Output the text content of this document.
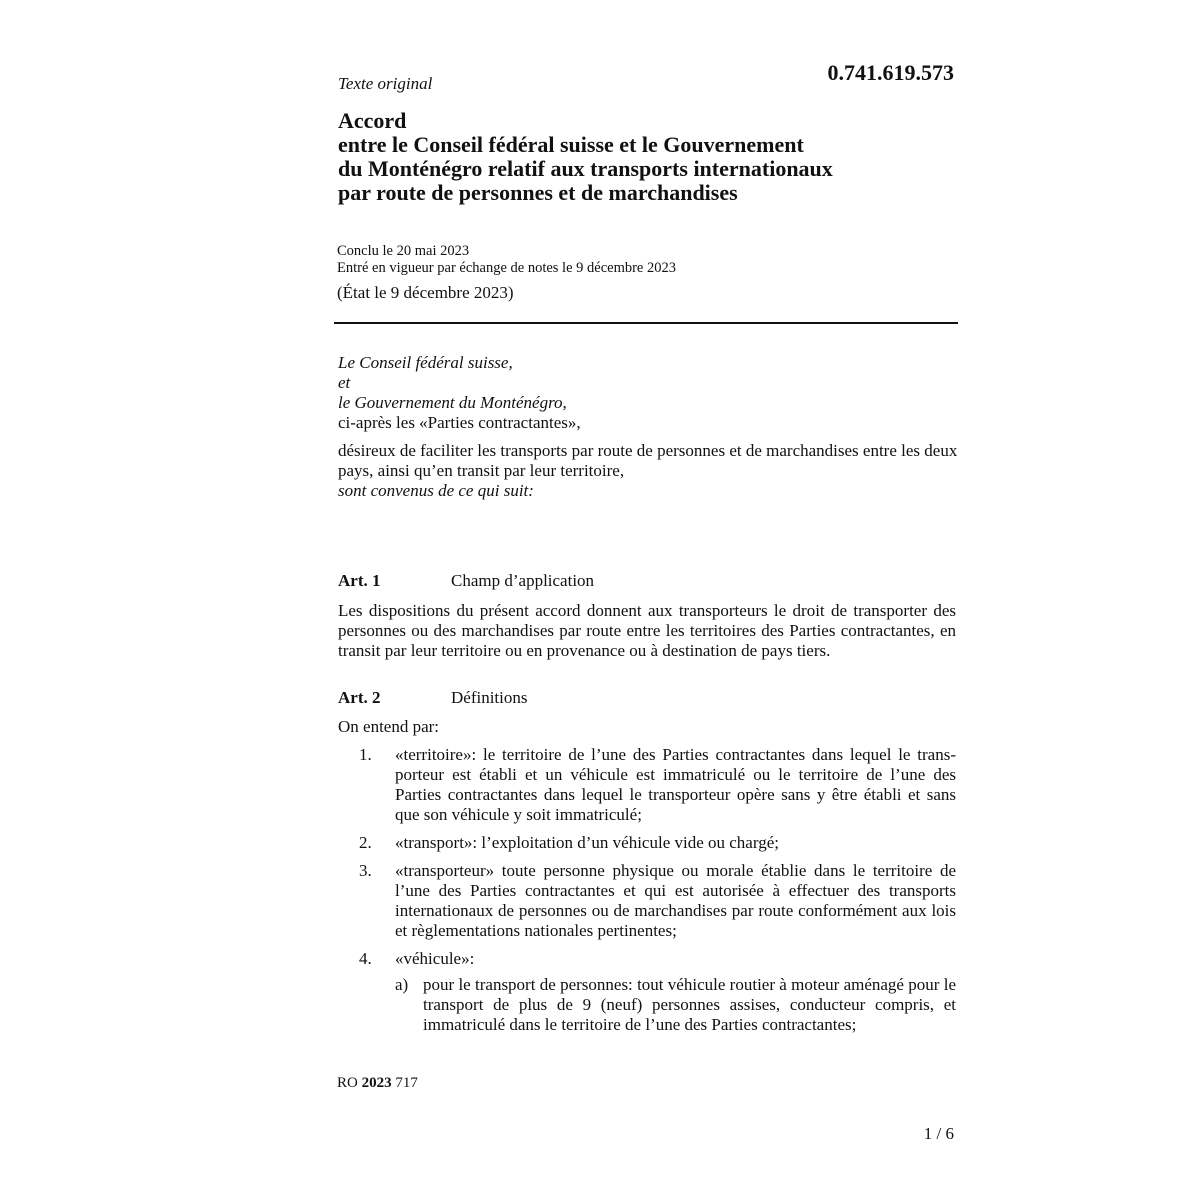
Texte original	0.741.619.573
Accord
entre le Conseil fédéral suisse et le Gouvernement
du Monténégro relatif aux transports internationaux
par route de personnes et de marchandises
Conclu le 20 mai 2023
Entré en vigueur par échange de notes le 9 décembre 2023
(État le 9 décembre 2023)

Le Conseil fédéral suisse,

et

le Gouvernement du Monténégro,

ci-après les «Parties contractantes»,

désireux de faciliter les transports par route de personnes et de marchandises entre les deux pays, ainsi qu’en transit par leur territoire,

sont convenus de ce qui suit:

Art. 1	Champ d’application

Les dispositions du présent accord donnent aux transporteurs le droit de transporter des personnes ou des marchandises par route entre les territoires des Parties contractantes, en transit par leur territoire ou en provenance ou à destination de pays tiers.

Art. 2	Définitions

On entend par:

1. «territoire»: le territoire de l’une des Parties contractantes dans lequel le transporteur est établi et un véhicule est immatriculé ou le territoire de l’une des Parties contractantes dans lequel le transporteur opère sans y être établi et sans que son véhicule y soit immatriculé;
2. «transport»: l’exploitation d’un véhicule vide ou chargé;
3. «transporteur» toute personne physique ou morale établie dans le territoire de l’une des Parties contractantes et qui est autorisée à effectuer des transports internationaux de personnes ou de marchandises par route conformément aux lois et règlementations nationales pertinentes;
4. «véhicule»:
a) pour le transport de personnes: tout véhicule routier à moteur aménagé pour le transport de plus de 9 (neuf) personnes assises, conducteur compris, et immatriculé dans le territoire de l’une des Parties contractantes;
RO 2023 717
1 / 6
